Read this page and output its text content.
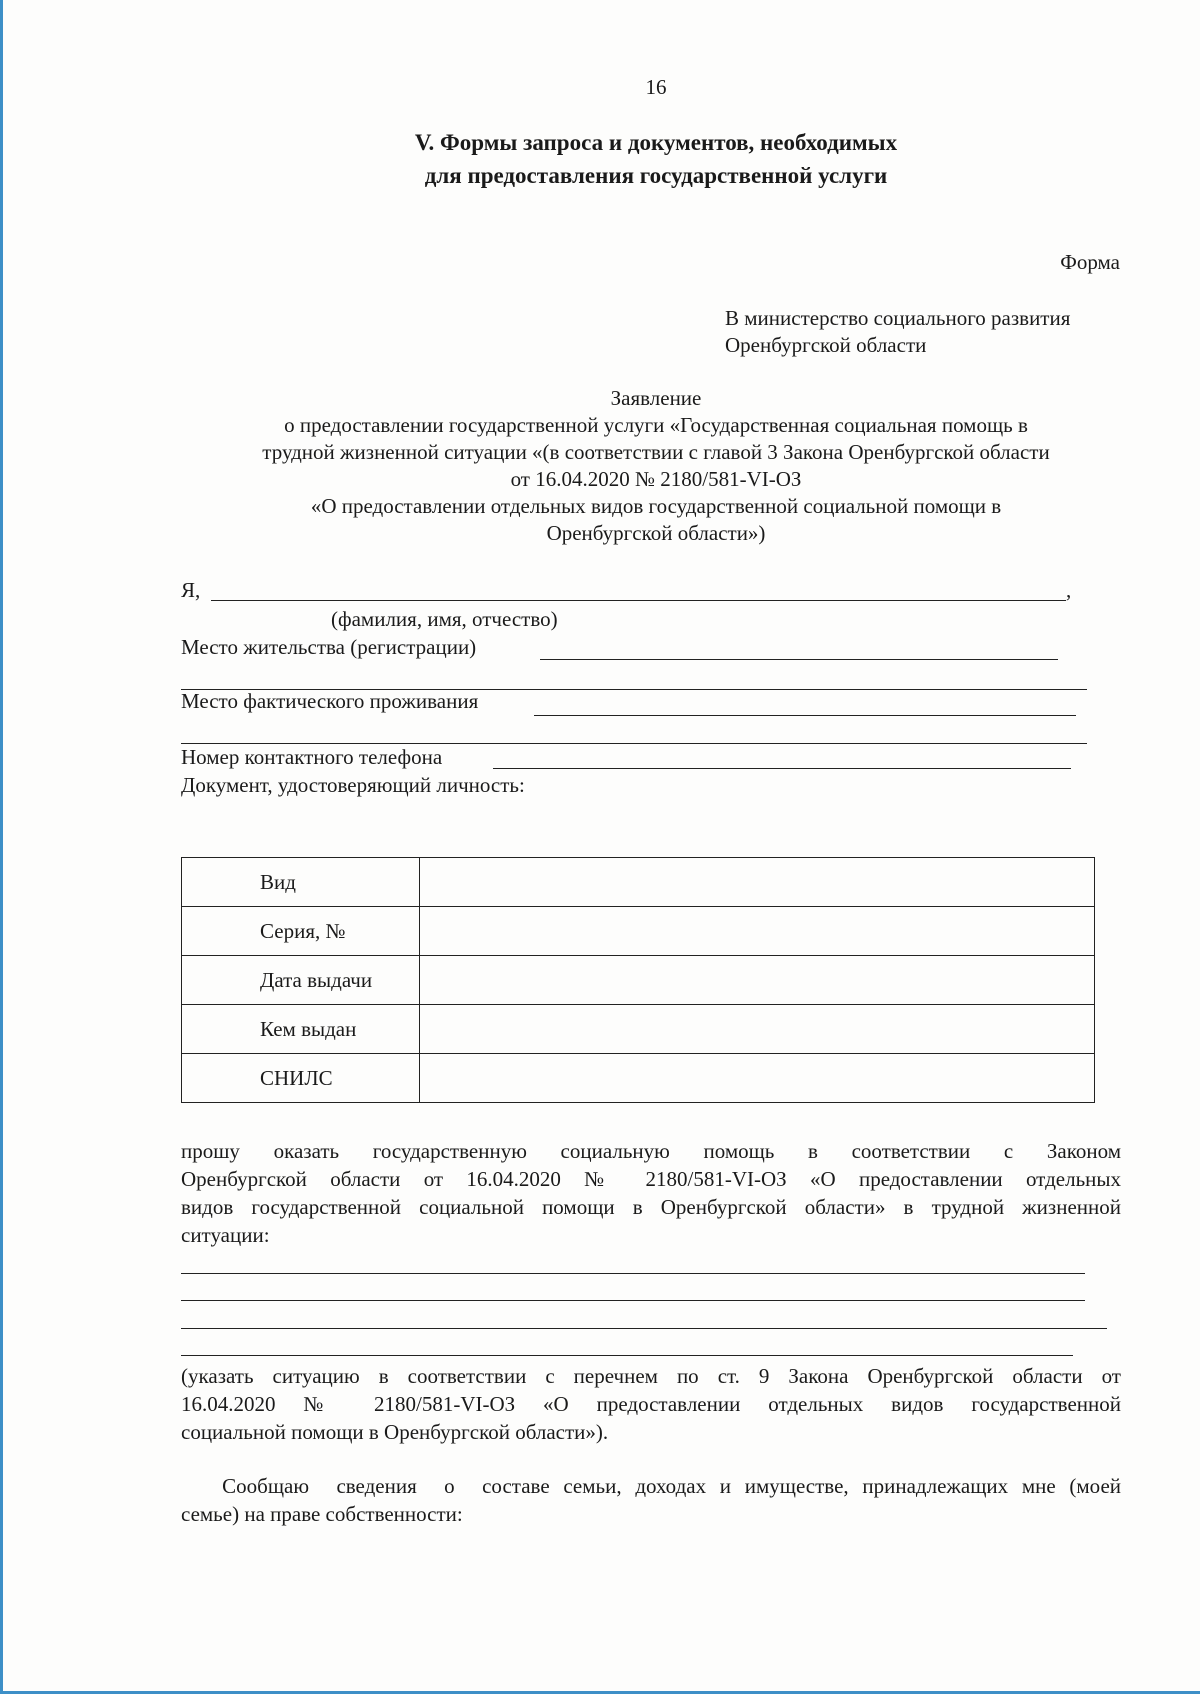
16
V. Формы запроса и документов, необходимых
для предоставления государственной услуги
Форма
В министерство социального развития
Оренбургской области
Заявление
о предоставлении государственной услуги «Государственная социальная помощь в
трудной жизненной ситуации «(в соответствии с главой 3 Закона Оренбургской области
от 16.04.2020 № 2180/581-VI-ОЗ
«О предоставлении отдельных видов государственной социальной помощи в
Оренбургской области»)
Я,	,
(фамилия, имя, отчество)
Место жительства (регистрации)
Место фактического проживания
Номер контактного телефона
Документ, удостоверяющий личность:
Вид	
Серия, №	
Дата выдачи	
Кем выдан	
СНИЛС	
прошу оказать государственную социальную помощь в соответствии с Законом
Оренбургской области от 16.04.2020 № 2180/581-VI-ОЗ «О предоставлении отдельных
видов государственной социальной помощи в Оренбургской области» в трудной жизненной
ситуации:
(указать ситуацию в соответствии с перечнем по ст. 9 Закона Оренбургской области от
16.04.2020 № 2180/581-VI-ОЗ «О предоставлении отдельных видов государственной
социальной помощи в Оренбургской области»).
Сообщаю  сведения  о  составе семьи, доходах и имуществе, принадлежащих мне (моей
семье) на праве собственности:
